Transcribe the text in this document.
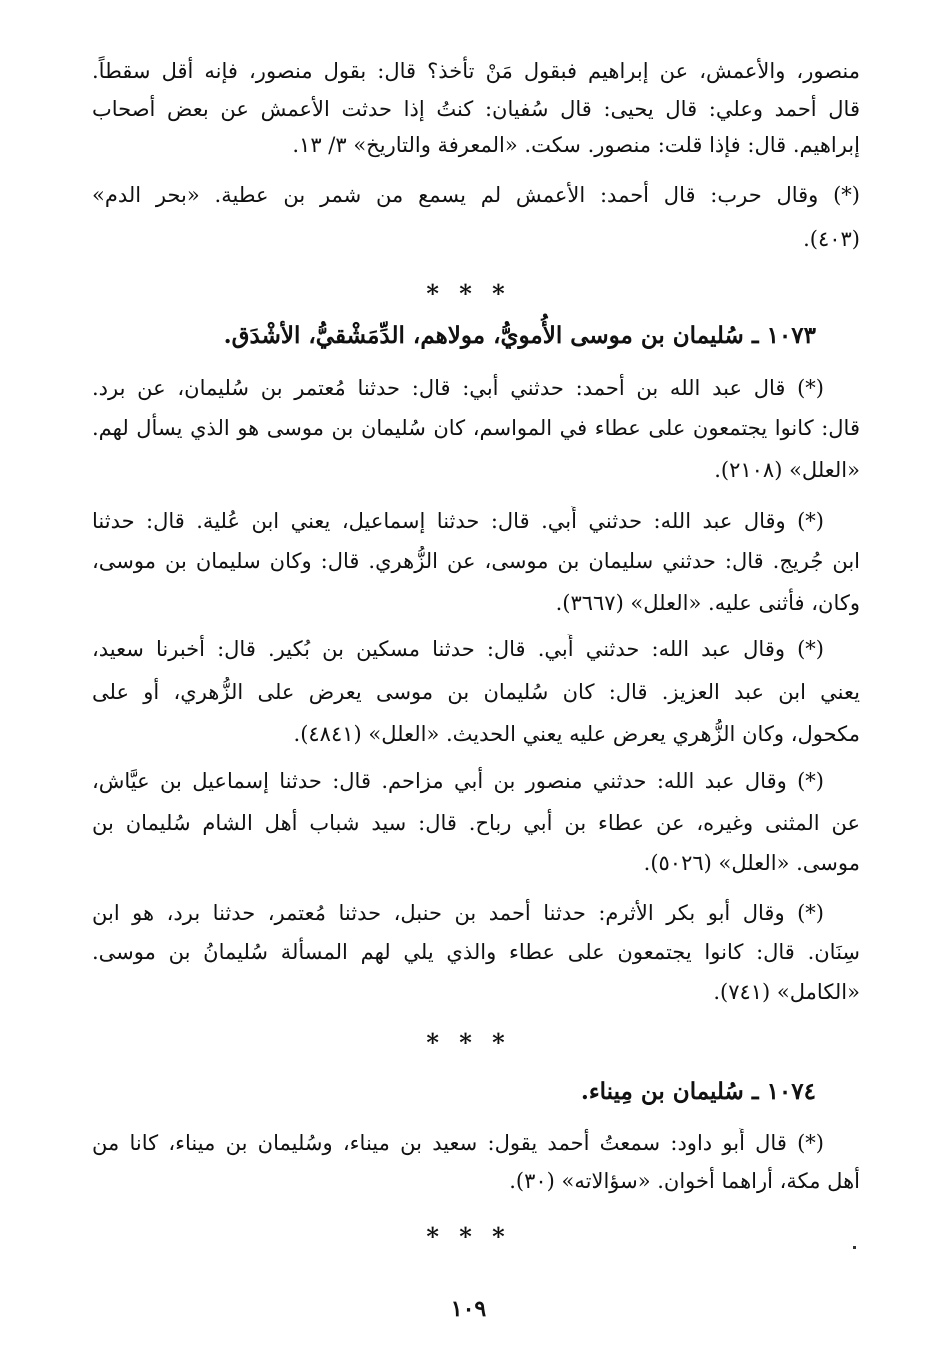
منصور، والأعمش، عن إبراهيم فبقول مَنْ تأخذ؟ قال: بقول منصور، فإنه أقل سقطاً.
قال أحمد وعلي: قال يحيى: قال سُفيان: كنتُ إذا حدثت الأعمش عن بعض أصحاب
إبراهيم. قال: فإذا قلت: منصور. سكت. «المعرفة والتاريخ» ٣/ ١٣.
(*) وقال حرب: قال أحمد: الأعمش لم يسمع من شمر بن عطية. «بحر الدم»
(٤٠٣).
* * *
١٠٧٣ ـ سُليمان بن موسى الأُمويُّ، مولاهم، الدِّمَشْقيُّ، الأشْدَق.
(*) قال عبد الله بن أحمد: حدثني أبي: قال: حدثنا مُعتمر بن سُليمان، عن برد.
قال: كانوا يجتمعون على عطاء في المواسم، كان سُليمان بن موسى هو الذي يسأل لهم.
«العلل» (٢١٠٨).
(*) وقال عبد الله: حدثني أَبي. قال: حدثنا إسماعيل، يعني ابن عُلية. قال: حدثنا
ابن جُريج. قال: حدثني سليمان بن موسى، عن الزُّهري. قال: وكان سليمان بن موسى،
وكان، فأثنى عليه. «العلل» (٣٦٦٧).
(*) وقال عبد الله: حدثني أَبي. قال: حدثنا مسكين بن بُكير. قال: أخبرنا سعيد،
يعني ابن عبد العزيز. قال: كان سُليمان بن موسى يعرض على الزُّهري، أو على
مكحول، وكان الزُّهري يعرض عليه يعني الحديث. «العلل» (٤٨٤١).
(*) وقال عبد الله: حدثني منصور بن أبي مزاحم. قال: حدثنا إسماعيل بن عيَّاش،
عن المثنى وغيره، عن عطاء بن أبي رباح. قال: سيد شباب أهل الشام سُليمان بن
موسى. «العلل» (٥٠٢٦).
(*) وقال أبو بكر الأثرم: حدثنا أحمد بن حنبل، حدثنا مُعتمر، حدثنا برد، هو ابن
سِنَان. قال: كانوا يجتمعون على عطاء والذي يلي لهم المسألة سُليمانُ بن موسى.
«الكامل» (٧٤١).
* * *
١٠٧٤ ـ سُليمان بن مِيناء.
(*) قال أَبو داود: سمعتُ أحمد يقول: سعيد بن ميناء، وسُليمان بن ميناء، كانا من
أهل مكة، أراهما أخوان. «سؤالاته» (٣٠).
* * *
١٠٩
